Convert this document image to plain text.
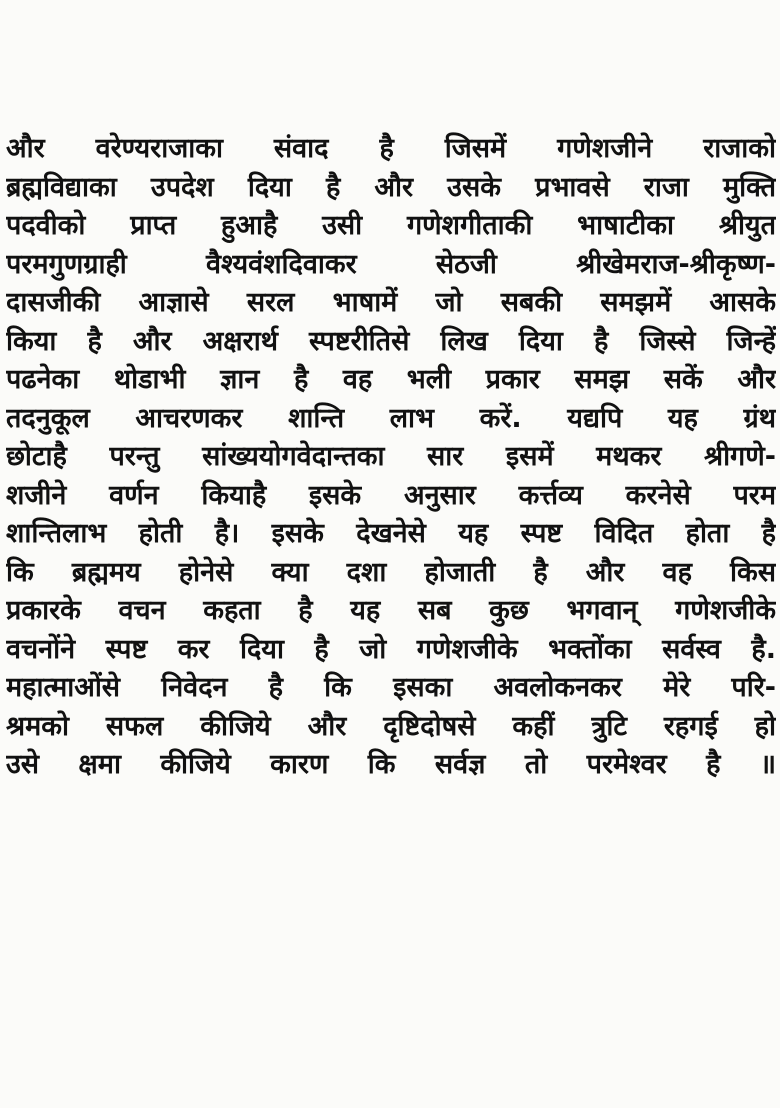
और वरेण्यराजाका संवाद है जिसमें गणेशजीने राजाको
ब्रह्मविद्याका उपदेश दिया है और उसके प्रभावसे राजा मुक्ति
पदवीको प्राप्त हुआहै उसी गणेशगीताकी भाषाटीका श्रीयुत
परमगुणग्राही वैश्यवंशदिवाकर सेठजी श्रीखेमराज-श्रीकृष्ण-
दासजीकी आज्ञासे सरल भाषामें जो सबकी समझमें आसके
किया है और अक्षरार्थ स्पष्टरीतिसे लिख दिया है जिस्से जिन्हें
पढनेका थोडाभी ज्ञान है वह भली प्रकार समझ सकें और
तदनुकूल आचरणकर शान्ति लाभ करें. यद्यपि यह ग्रंथ
छोटाहै परन्तु सांख्ययोगवेदान्तका सार इसमें मथकर श्रीगणे-
शजीने वर्णन कियाहै इसके अनुसार कर्त्तव्य करनेसे परम
शान्तिलाभ होती है। इसके देखनेसे यह स्पष्ट विदित होता है
कि ब्रह्ममय होनेसे क्या दशा होजाती है और वह किस
प्रकारके वचन कहता है यह सब कुछ भगवान् गणेशजीके
वचनोंने स्पष्ट कर दिया है जो गणेशजीके भक्तोंका सर्वस्व है.
महात्माओंसे निवेदन है कि इसका अवलोकनकर मेरे परि-
श्रमको सफल कीजिये और दृष्टिदोषसे कहीं त्रुटि रहगई हो
उसे क्षमा कीजिये कारण कि सर्वज्ञ तो परमेश्वर है ॥
